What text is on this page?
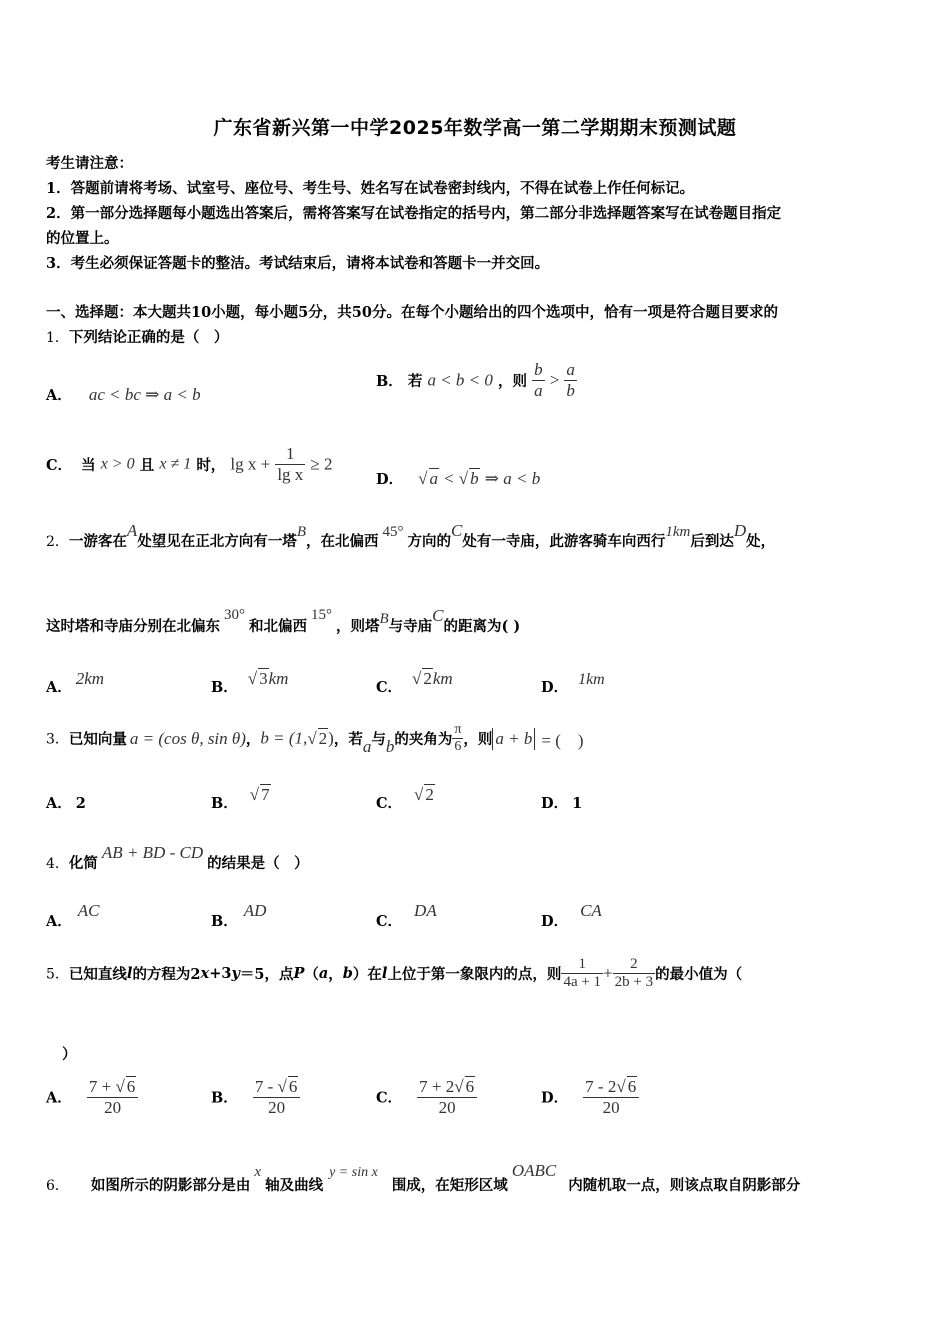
广东省新兴第一中学2025年数学高一第二学期期末预测试题
考生请注意：
1．答题前请将考场、试室号、座位号、考生号、姓名写在试卷密封线内，不得在试卷上作任何标记。
2．第一部分选择题每小题选出答案后，需将答案写在试卷指定的括号内，第二部分非选择题答案写在试卷题目指定
的位置上。
3．考生必须保证答题卡的整洁。考试结束后，请将本试卷和答题卡一并交回。
一、选择题：本大题共10小题，每小题5分，共50分。在每个小题给出的四个选项中，恰有一项是符合题目要求的
1．下列结论正确的是（　）
A． ac < bc ⇒ a < b
B． 若 a < b < 0 ，则 $\frac{b}{a} > \frac{a}{b}$
C． 当 x > 0 且 x ≠ 1 时， $\lg x + \frac{1}{\text{lg x}} \ge 2$
D． √ a < √ b ⇒ a < b
2．一游客在A处望见在正北方向有一塔B，在北偏西45°方向的C处有一寺庙，此游客骑车向西行1km后到达D处，
这时塔和寺庙分别在北偏东30°和北偏西15°，则塔B与寺庙C的距离为( )
A． 2km	B． √ 3km	C． √ 2km	D． 1km
3．已知向量 a = (cos θ, sin θ)，b = (1,√ 2)，若a与b的夹角为 $\frac{\pi}{6}$ ，则 a + b = (　)
A． 2	B． √ 7	C． √ 2	D． 1
4．化简AB + BD - CD的结果是（　）
A．AC
B．AD
C．DA
D．CA
5．已知直线l的方程为2x+3y＝5，点P（a，b）在l上位于第一象限内的点，则 $\frac{1}{4a + 1} + \frac{2}{2b + 3}$ 的最小值为（
）
A． $\frac{7 + √ 6}{20}$	B． $\frac{7 - √ 6}{20}$	C． $\frac{7 + 2√ 6}{20}$	D． $\frac{7 - 2√ 6}{20}$
6． 如图所示的阴影部分是由x轴及曲线y = sin x围成，在矩形区域OABC内随机取一点，则该点取自阴影部分
